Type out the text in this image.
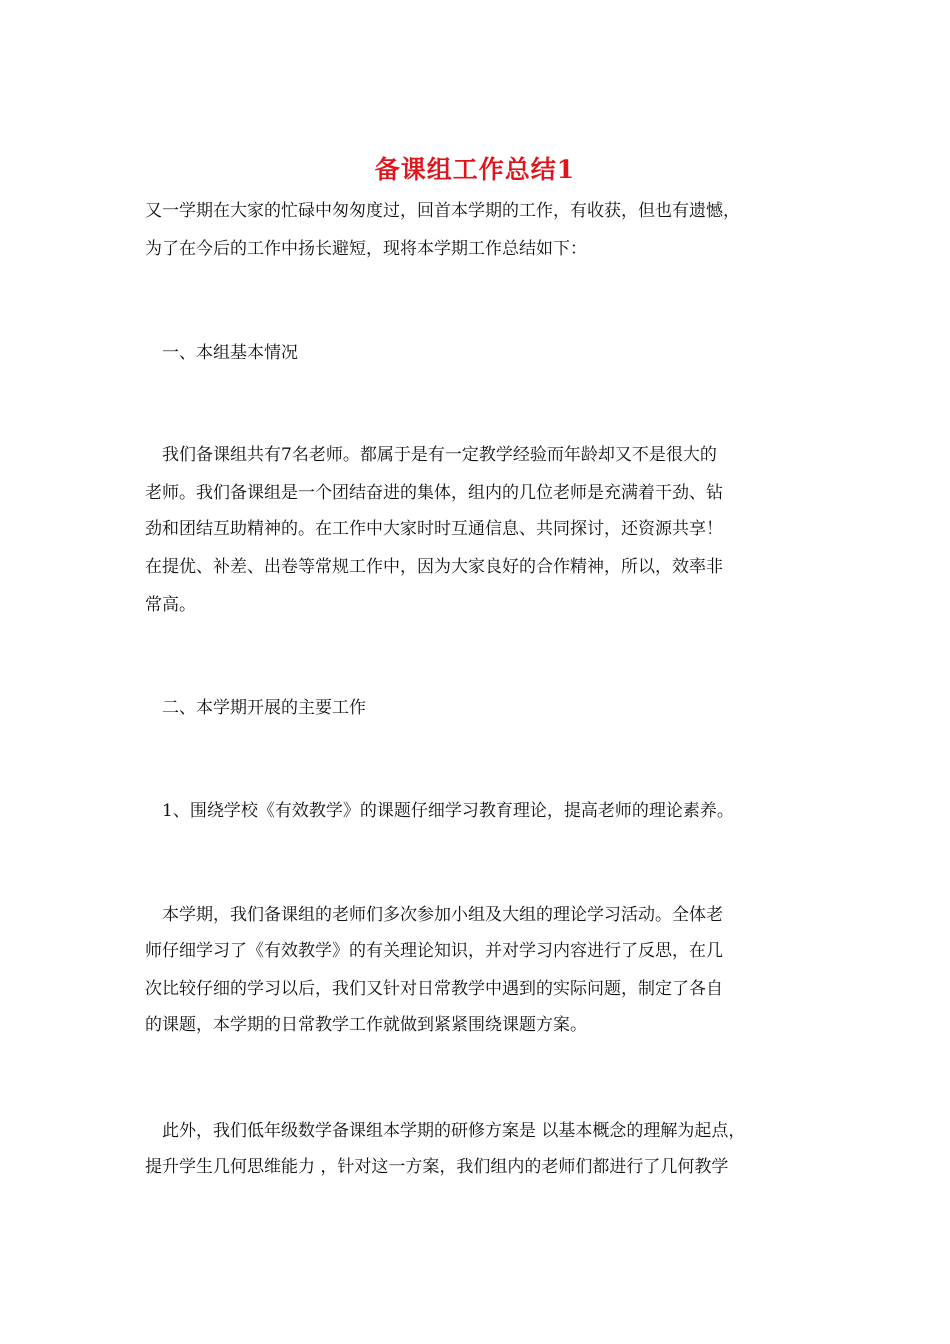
备课组工作总结1
又一学期在大家的忙碌中匆匆度过，回首本学期的工作，有收获，但也有遗憾，
为了在今后的工作中扬长避短，现将本学期工作总结如下：
　一、本组基本情况
　我们备课组共有7名老师。都属于是有一定教学经验而年龄却又不是很大的
老师。我们备课组是一个团结奋进的集体，组内的几位老师是充满着干劲、钻
劲和团结互助精神的。在工作中大家时时互通信息、共同探讨，还资源共享！
在提优、补差、出卷等常规工作中，因为大家良好的合作精神，所以，效率非
常高。
　二、本学期开展的主要工作
　1、围绕学校《有效教学》的课题仔细学习教育理论，提高老师的理论素养。
　本学期，我们备课组的老师们多次参加小组及大组的理论学习活动。全体老
师仔细学习了《有效教学》的有关理论知识，并对学习内容进行了反思，在几
次比较仔细的学习以后，我们又针对日常教学中遇到的实际问题，制定了各自
的课题，本学期的日常教学工作就做到紧紧围绕课题方案。
　此外，我们低年级数学备课组本学期的研修方案是 以基本概念的理解为起点，
提升学生几何思维能力 ，针对这一方案，我们组内的老师们都进行了几何教学
